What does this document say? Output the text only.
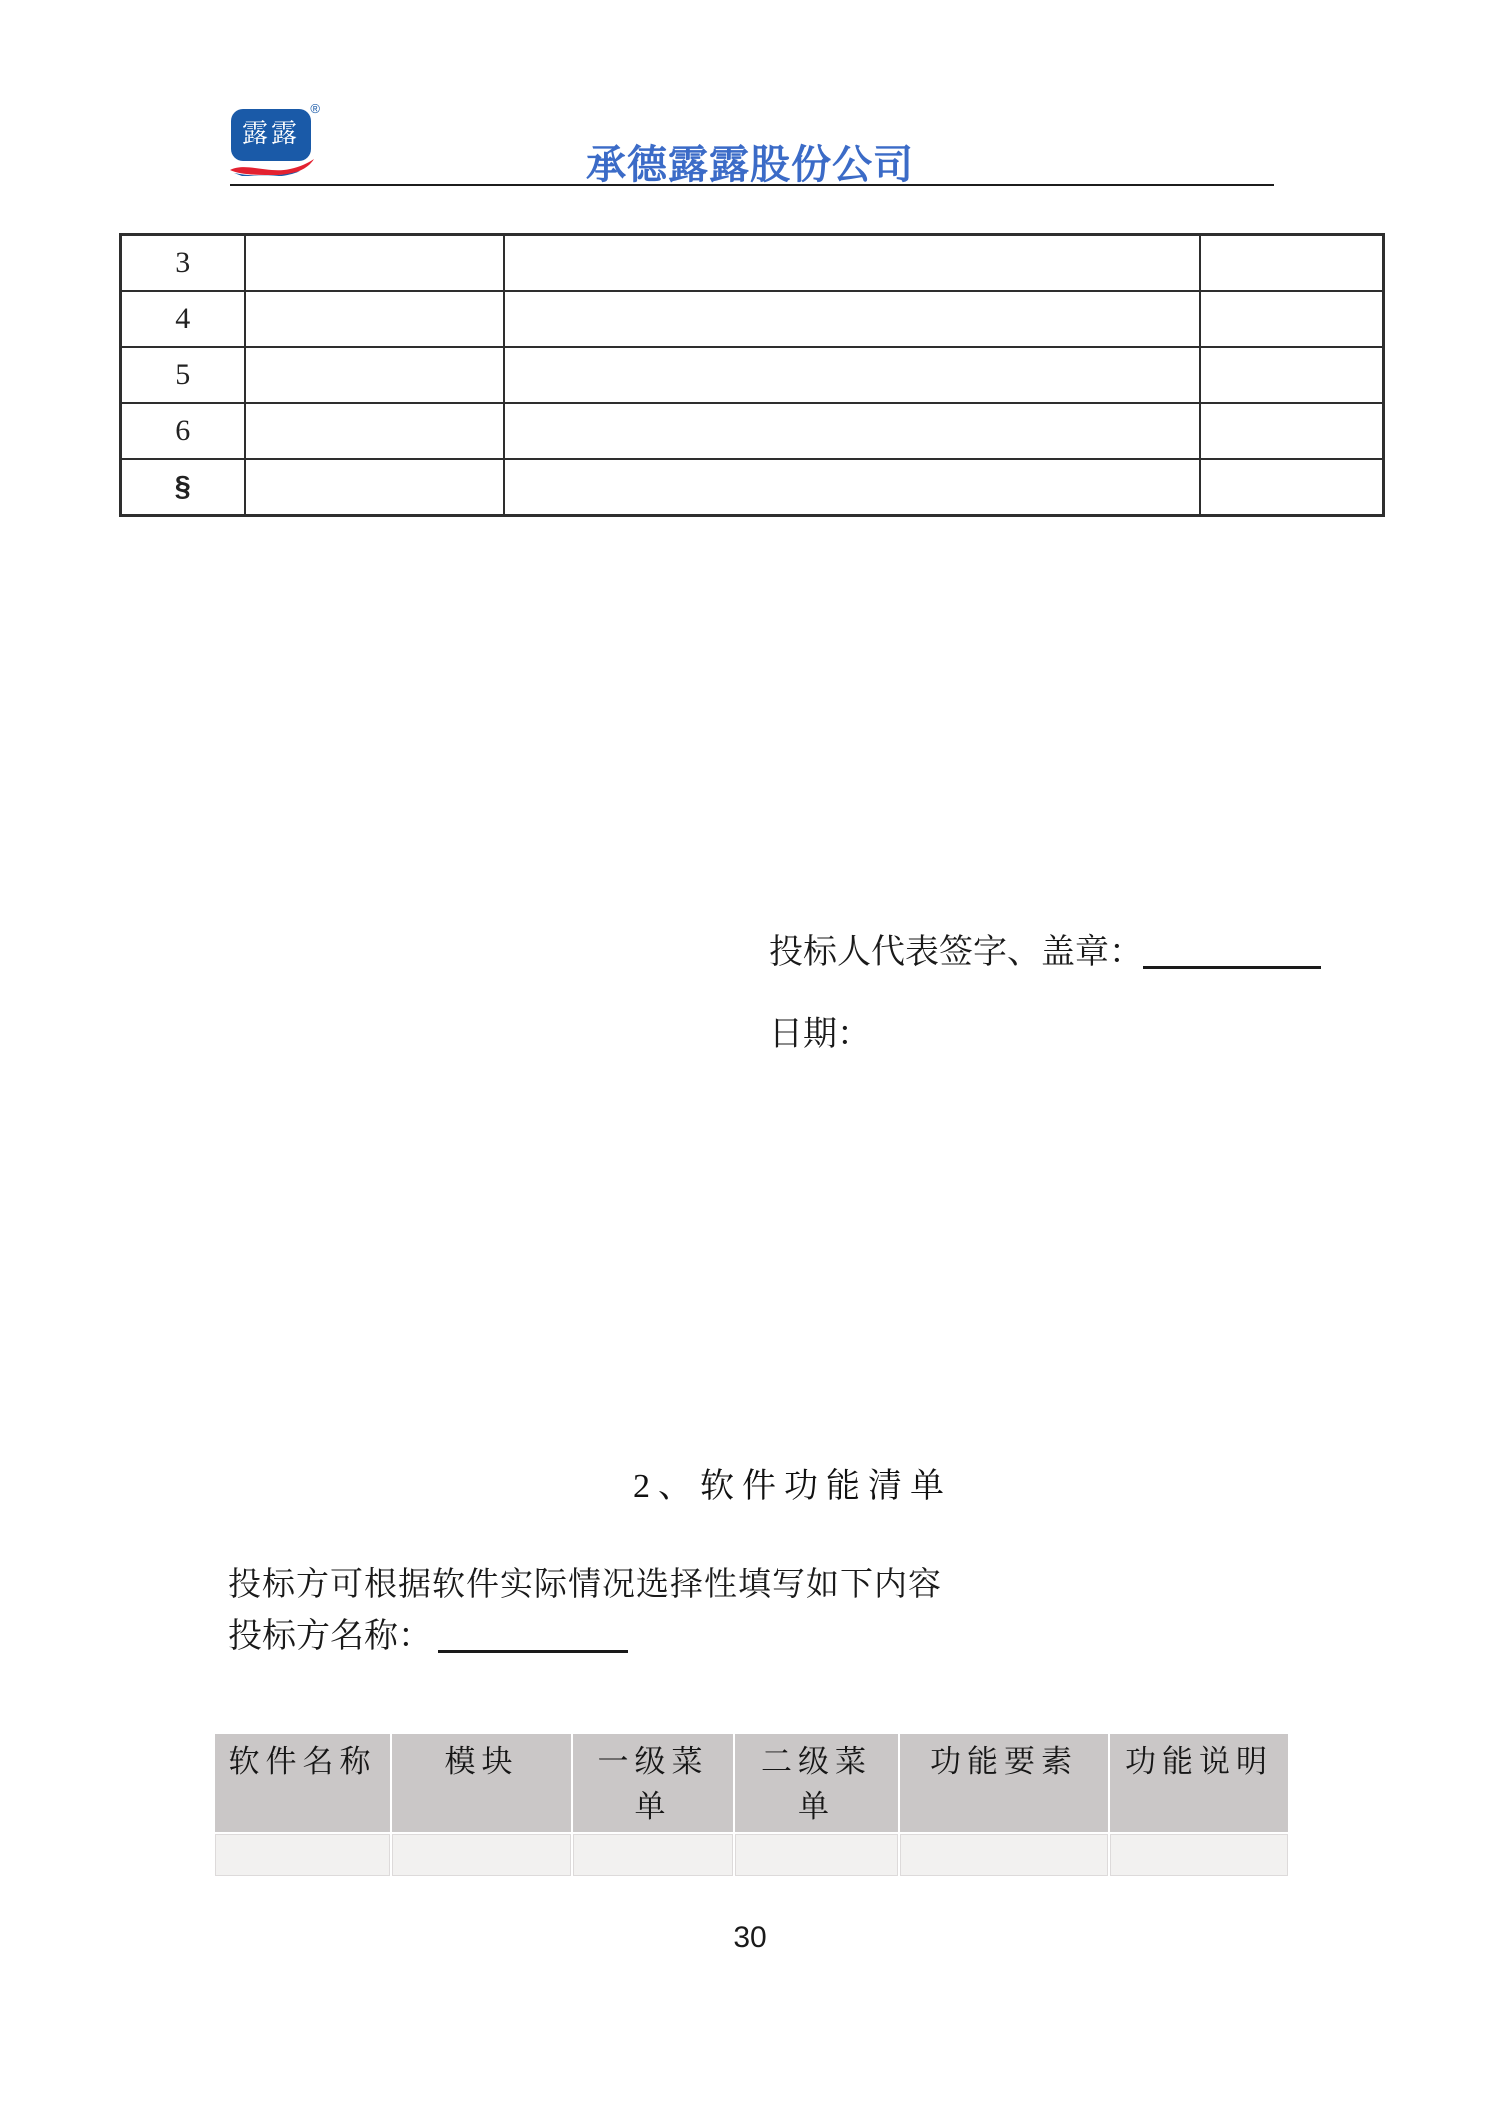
露露
®
承德露露股份公司
3			
4			
5			
6			
§			
投标人代表签字、盖章：
日期：
2、软件功能清单
投标方可根据软件实际情况选择性填写如下内容
投标方名称：
软件名称	模块	一级菜单	二级菜单	功能要素	功能说明

30
